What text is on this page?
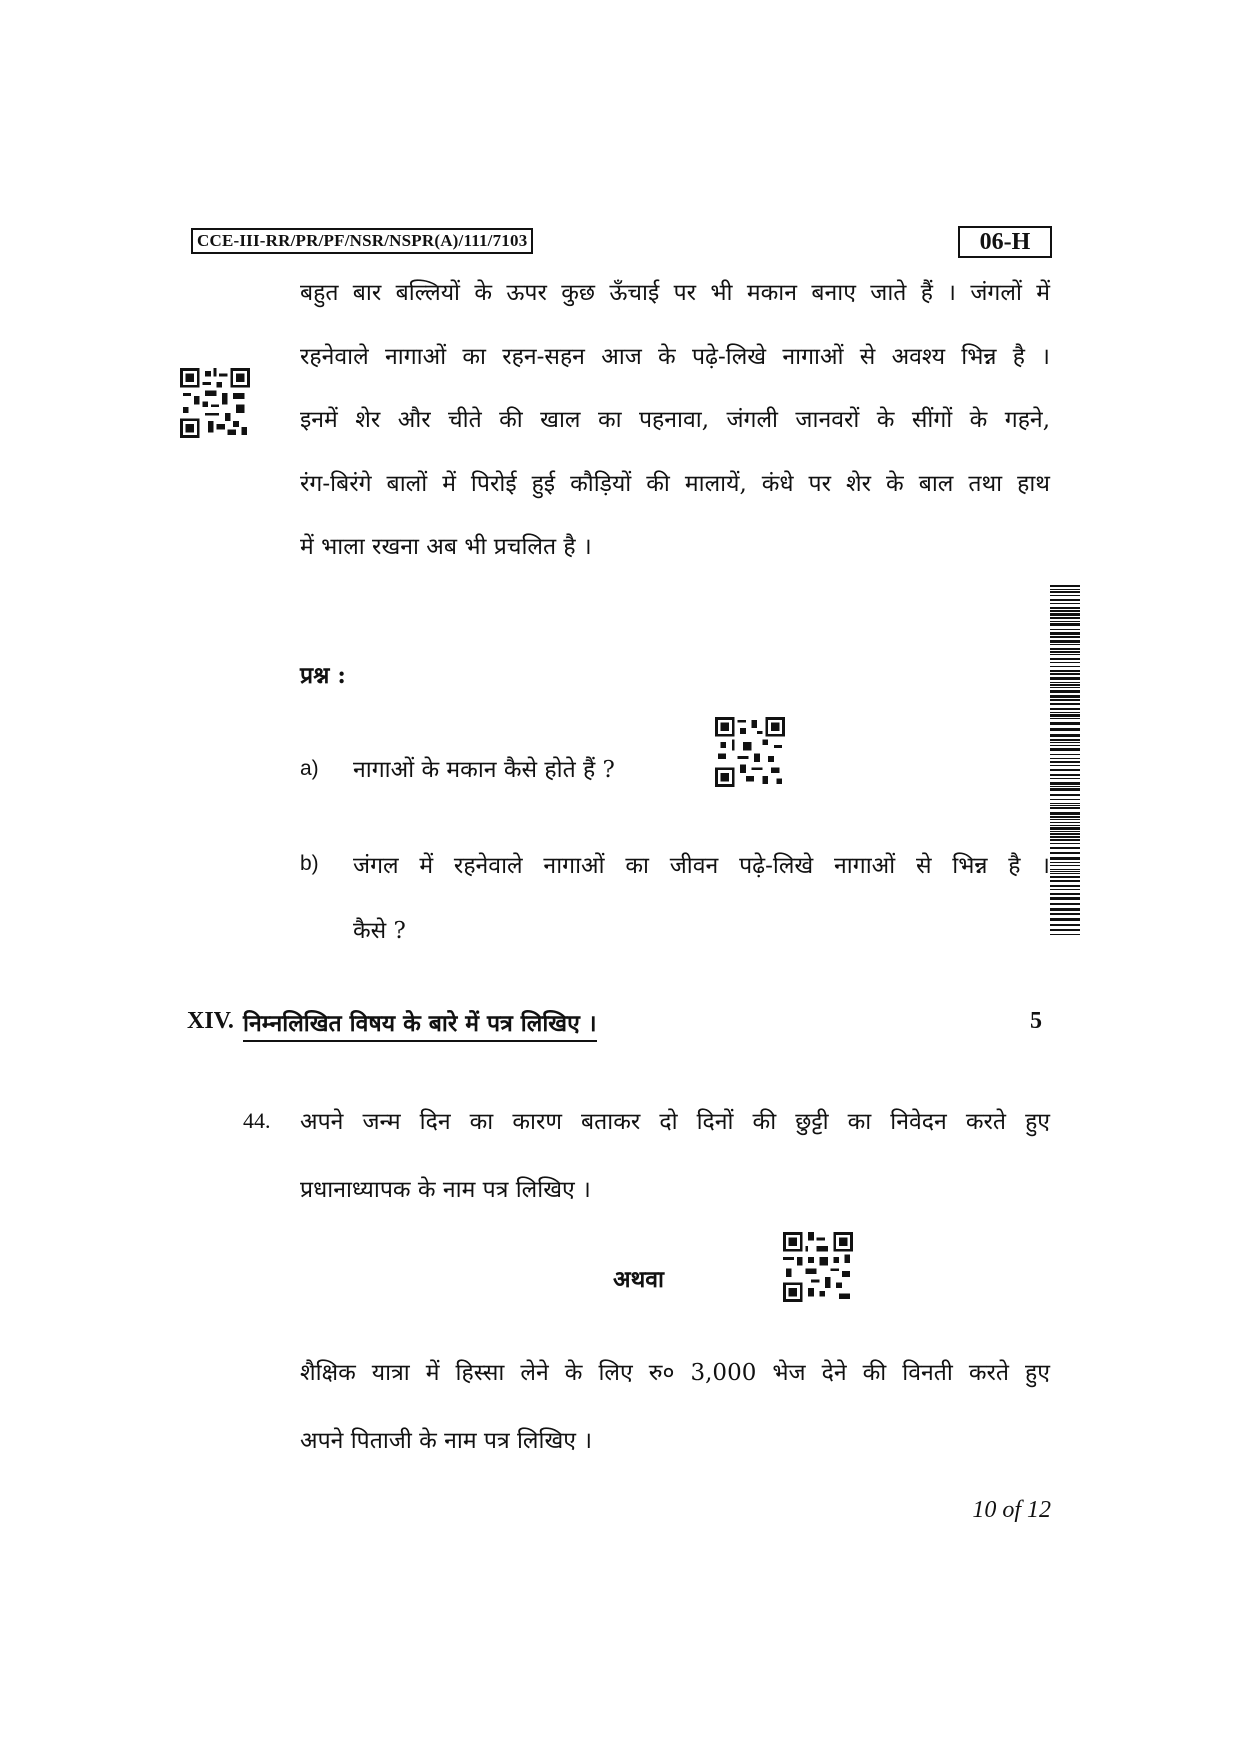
CCE-III-RR/PR/PF/NSR/NSPR(A)/111/7103	06-H
बहुत बार बल्लियों के ऊपर कुछ ऊँचाई पर भी मकान बनाए जाते हैं । जंगलों में
रहनेवाले नागाओं का रहन-सहन आज के पढ़े-लिखे नागाओं से अवश्य भिन्न है ।
इनमें शेर और चीते की खाल का पहनावा, जंगली जानवरों के सींगों के गहने,
रंग-बिरंगे बालों में पिरोई हुई कौड़ियों की मालायें, कंधे पर शेर के बाल तथा हाथ
में भाला रखना अब भी प्रचलित है ।
प्रश्न :
a) नागाओं के मकान कैसे होते हैं ?
b) जंगल में रहनेवाले नागाओं का जीवन पढ़े-लिखे नागाओं से भिन्न है ।
कैसे ?
XIV. निम्नलिखित विषय के बारे में पत्र लिखिए ।	5
44. अपने जन्म दिन का कारण बताकर दो दिनों की छुट्टी का निवेदन करते हुए
प्रधानाध्यापक के नाम पत्र लिखिए ।
अथवा
शैक्षिक यात्रा में हिस्सा लेने के लिए रु० 3,000 भेज देने की विनती करते हुए
अपने पिताजी के नाम पत्र लिखिए ।
10 of 12
